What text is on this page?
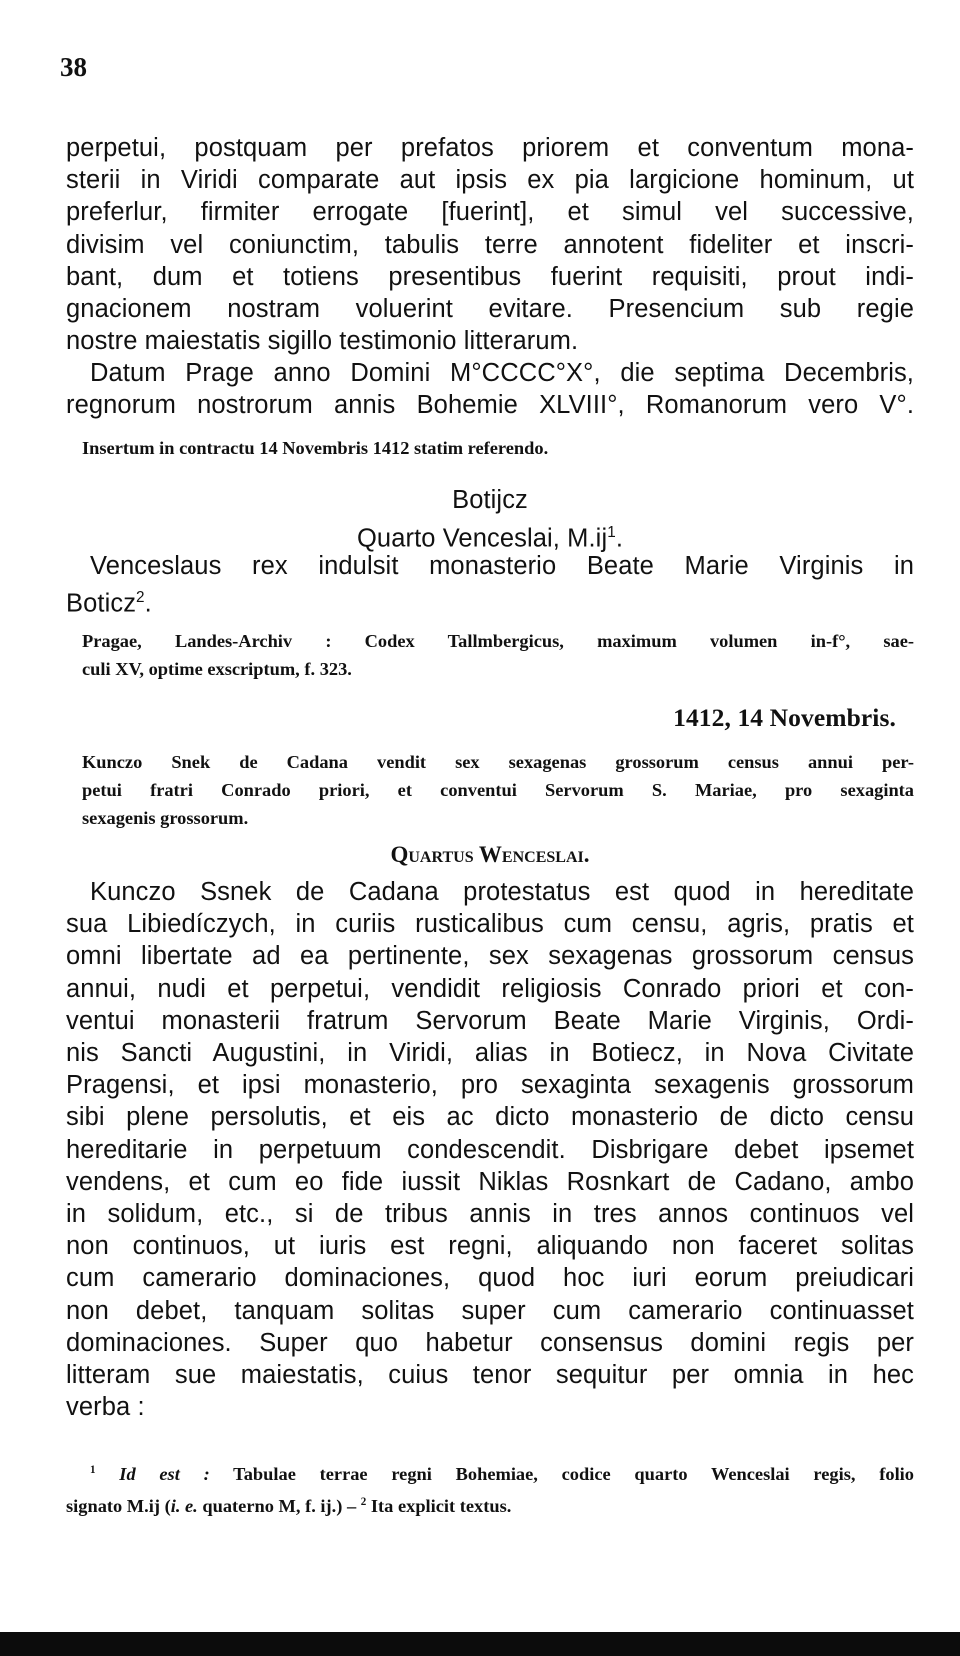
38
perpetui, postquam per prefatos priorem et conventum mona-
sterii in Viridi comparate aut ipsis ex pia largicione hominum, ut
preferlur, firmiter errogate [fuerint], et simul vel successive,
divisim vel coniunctim, tabulis terre annotent fideliter et inscri-
bant, dum et totiens presentibus fuerint requisiti, prout indi-
gnacionem nostram voluerint evitare. Presencium sub regie
nostre maiestatis sigillo testimonio litterarum.
Datum Prage anno Domini M°CCCC°X°, die septima Decembris,
regnorum nostrorum annis Bohemie XLVIII°, Romanorum vero V°.
Insertum in contractu 14 Novembris 1412 statim referendo.
Botijcz
Quarto Venceslai, $M.ij^1$.
Venceslaus rex indulsit monasterio Beate Marie Virginis in
Boticz$^2$.
Pragae, Landes-Archiv : Codex Tallmbergicus, maximum volumen in-f°, sae-
culi XV, optime exscriptum, f. 323.
1412, 14 Novembris.
Kunczo Snek de Cadana vendit sex sexagenas grossorum census annui per-
petui fratri Conrado priori, et conventui Servorum S. Mariae, pro sexaginta
sexagenis grossorum.
Quartus Wenceslai.
Kunczo Ssnek de Cadana protestatus est quod in hereditate
sua Libiedíczych, in curiis rusticalibus cum censu, agris, pratis et
omni libertate ad ea pertinente, sex sexagenas grossorum census
annui, nudi et perpetui, vendidit religiosis Conrado priori et con-
ventui monasterii fratrum Servorum Beate Marie Virginis, Ordi-
nis Sancti Augustini, in Viridi, alias in Botiecz, in Nova Civitate
Pragensi, et ipsi monasterio, pro sexaginta sexagenis grossorum
sibi plene persolutis, et eis ac dicto monasterio de dicto censu
hereditarie in perpetuum condescendit. Disbrigare debet ipsemet
vendens, et cum eo fide iussit Niklas Rosnkart de Cadano, ambo
in solidum, etc., si de tribus annis in tres annos continuos vel
non continuos, ut iuris est regni, aliquando non faceret solitas
cum camerario dominaciones, quod hoc iuri eorum preiudicari
non debet, tanquam solitas super cum camerario continuasset
dominaciones. Super quo habetur consensus domini regis per
litteram sue maiestatis, cuius tenor sequitur per omnia in hec
verba :
$^1$ Id est : Tabulae terrae regni Bohemiae, codice quarto Wenceslai regis, folio
signato M.ij (i. e. quaterno M, f. ij.) – $^2$ Ita explicit textus.
